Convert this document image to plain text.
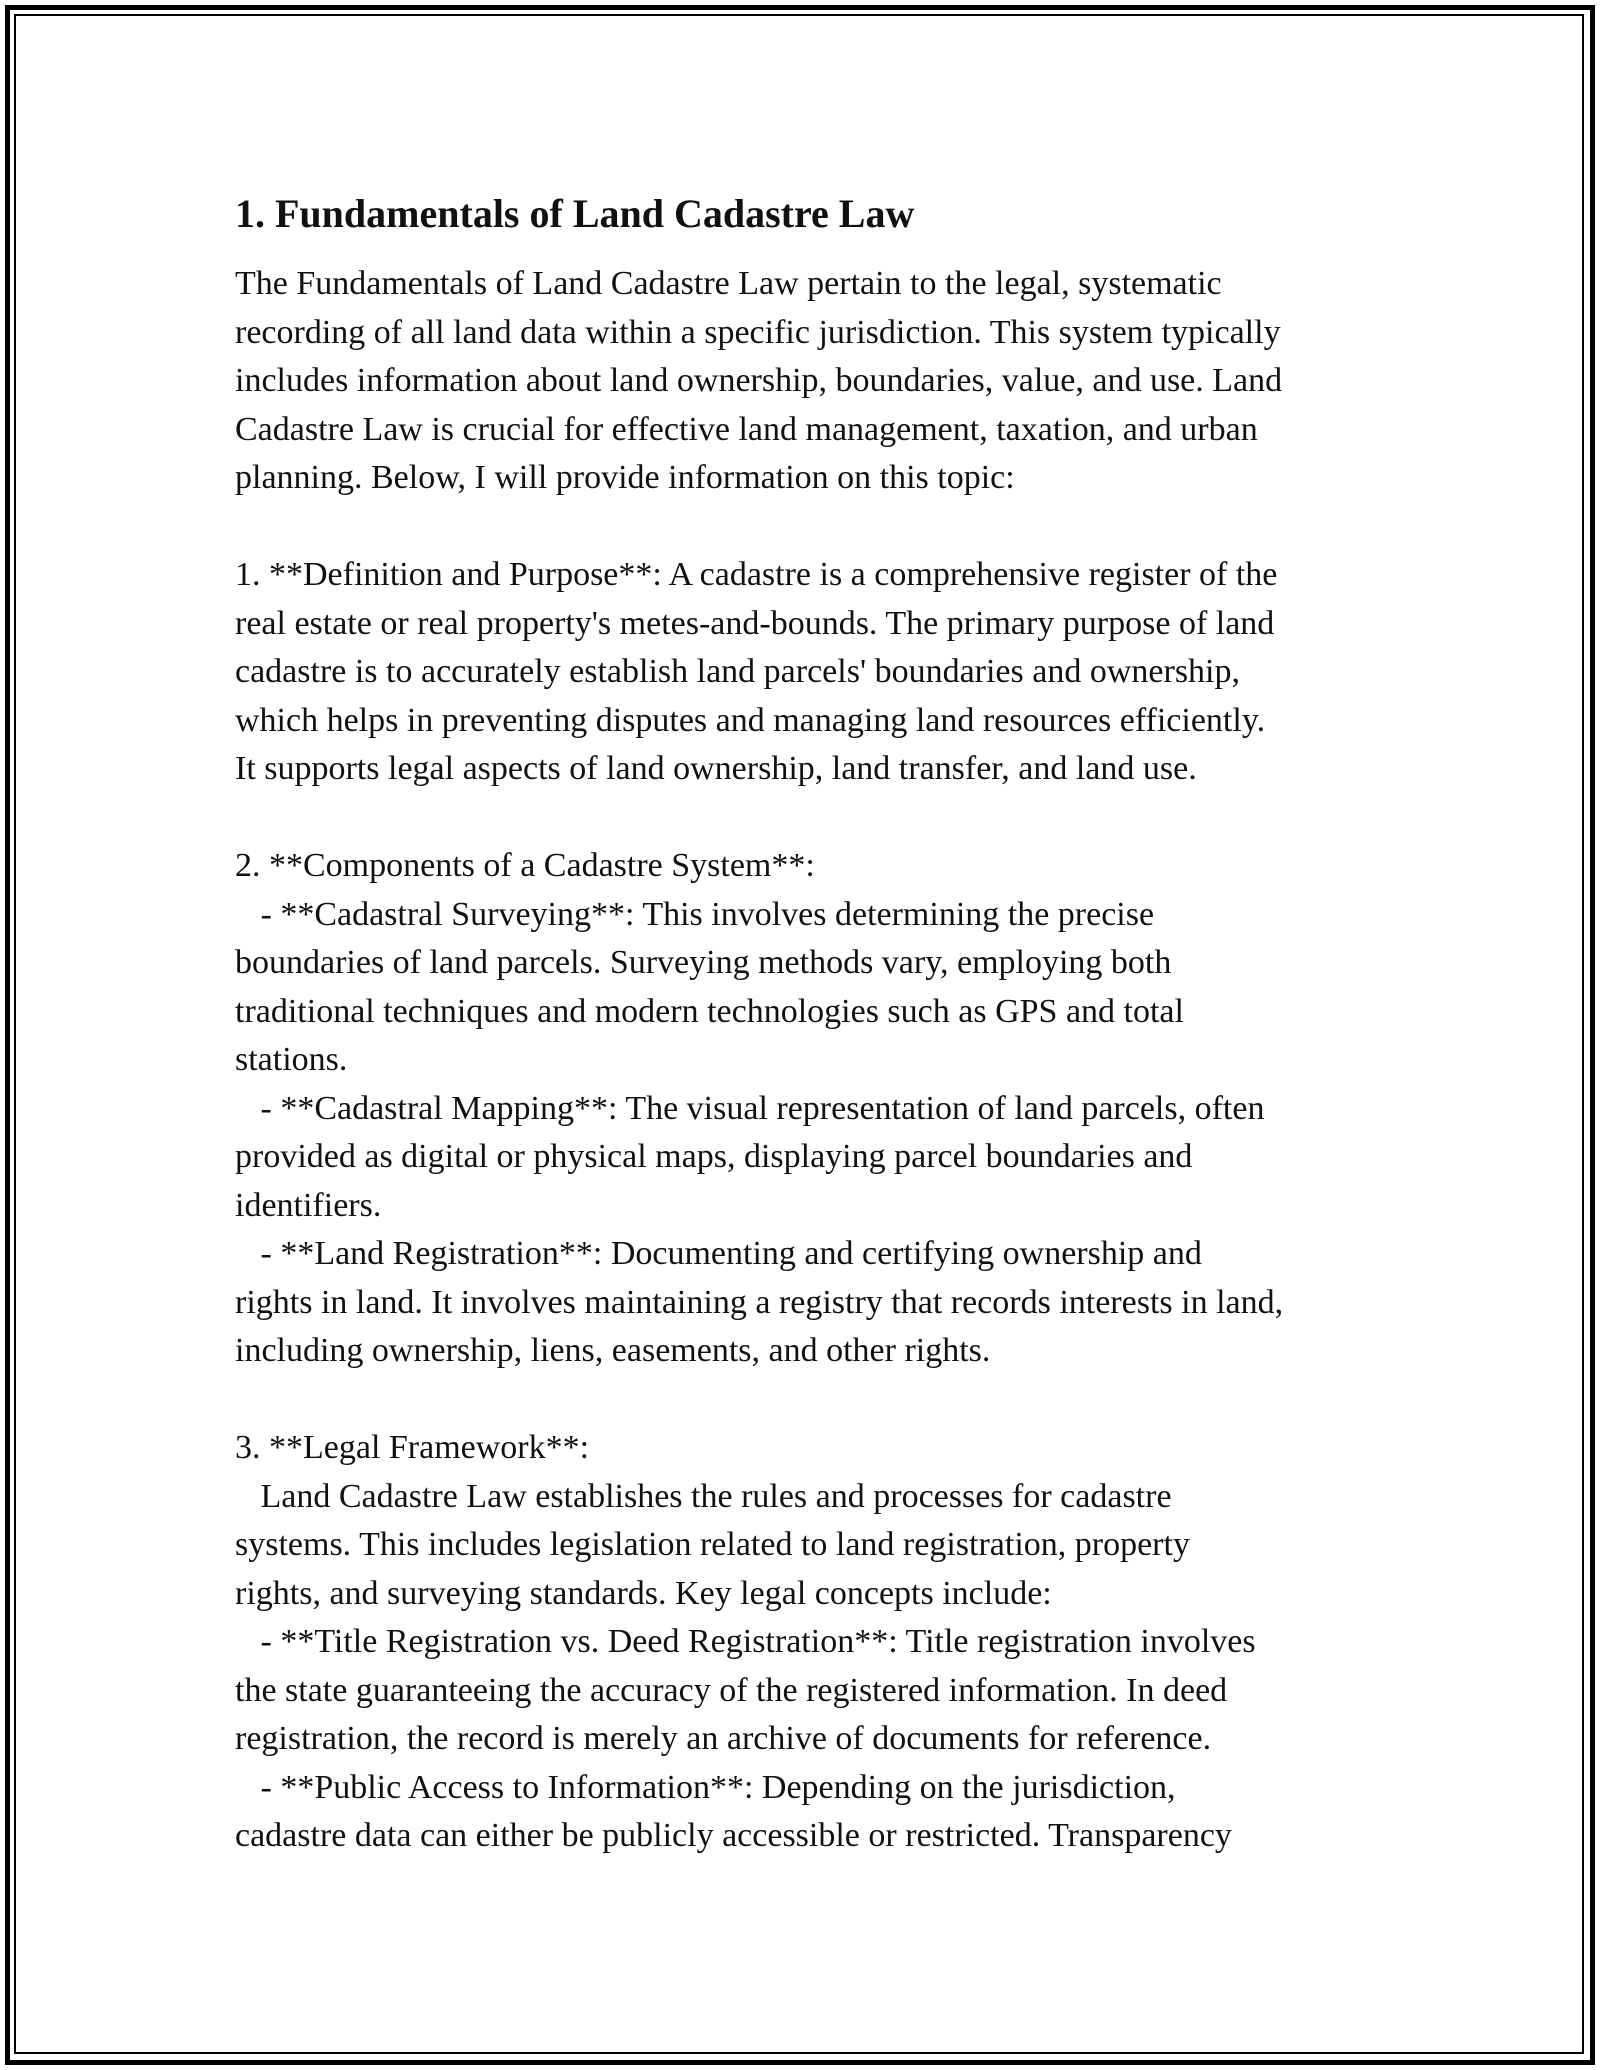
1. Fundamentals of Land Cadastre Law
The Fundamentals of Land Cadastre Law pertain to the legal, systematic
recording of all land data within a specific jurisdiction. This system typically
includes information about land ownership, boundaries, value, and use. Land
Cadastre Law is crucial for effective land management, taxation, and urban
planning. Below, I will provide information on this topic:
1. **Definition and Purpose**: A cadastre is a comprehensive register of the
real estate or real property's metes-and-bounds. The primary purpose of land
cadastre is to accurately establish land parcels' boundaries and ownership,
which helps in preventing disputes and managing land resources efficiently.
It supports legal aspects of land ownership, land transfer, and land use.
2. **Components of a Cadastre System**:
- **Cadastral Surveying**: This involves determining the precise
boundaries of land parcels. Surveying methods vary, employing both
traditional techniques and modern technologies such as GPS and total
stations.
- **Cadastral Mapping**: The visual representation of land parcels, often
provided as digital or physical maps, displaying parcel boundaries and
identifiers.
- **Land Registration**: Documenting and certifying ownership and
rights in land. It involves maintaining a registry that records interests in land,
including ownership, liens, easements, and other rights.
3. **Legal Framework**:
Land Cadastre Law establishes the rules and processes for cadastre
systems. This includes legislation related to land registration, property
rights, and surveying standards. Key legal concepts include:
- **Title Registration vs. Deed Registration**: Title registration involves
the state guaranteeing the accuracy of the registered information. In deed
registration, the record is merely an archive of documents for reference.
- **Public Access to Information**: Depending on the jurisdiction,
cadastre data can either be publicly accessible or restricted. Transparency
